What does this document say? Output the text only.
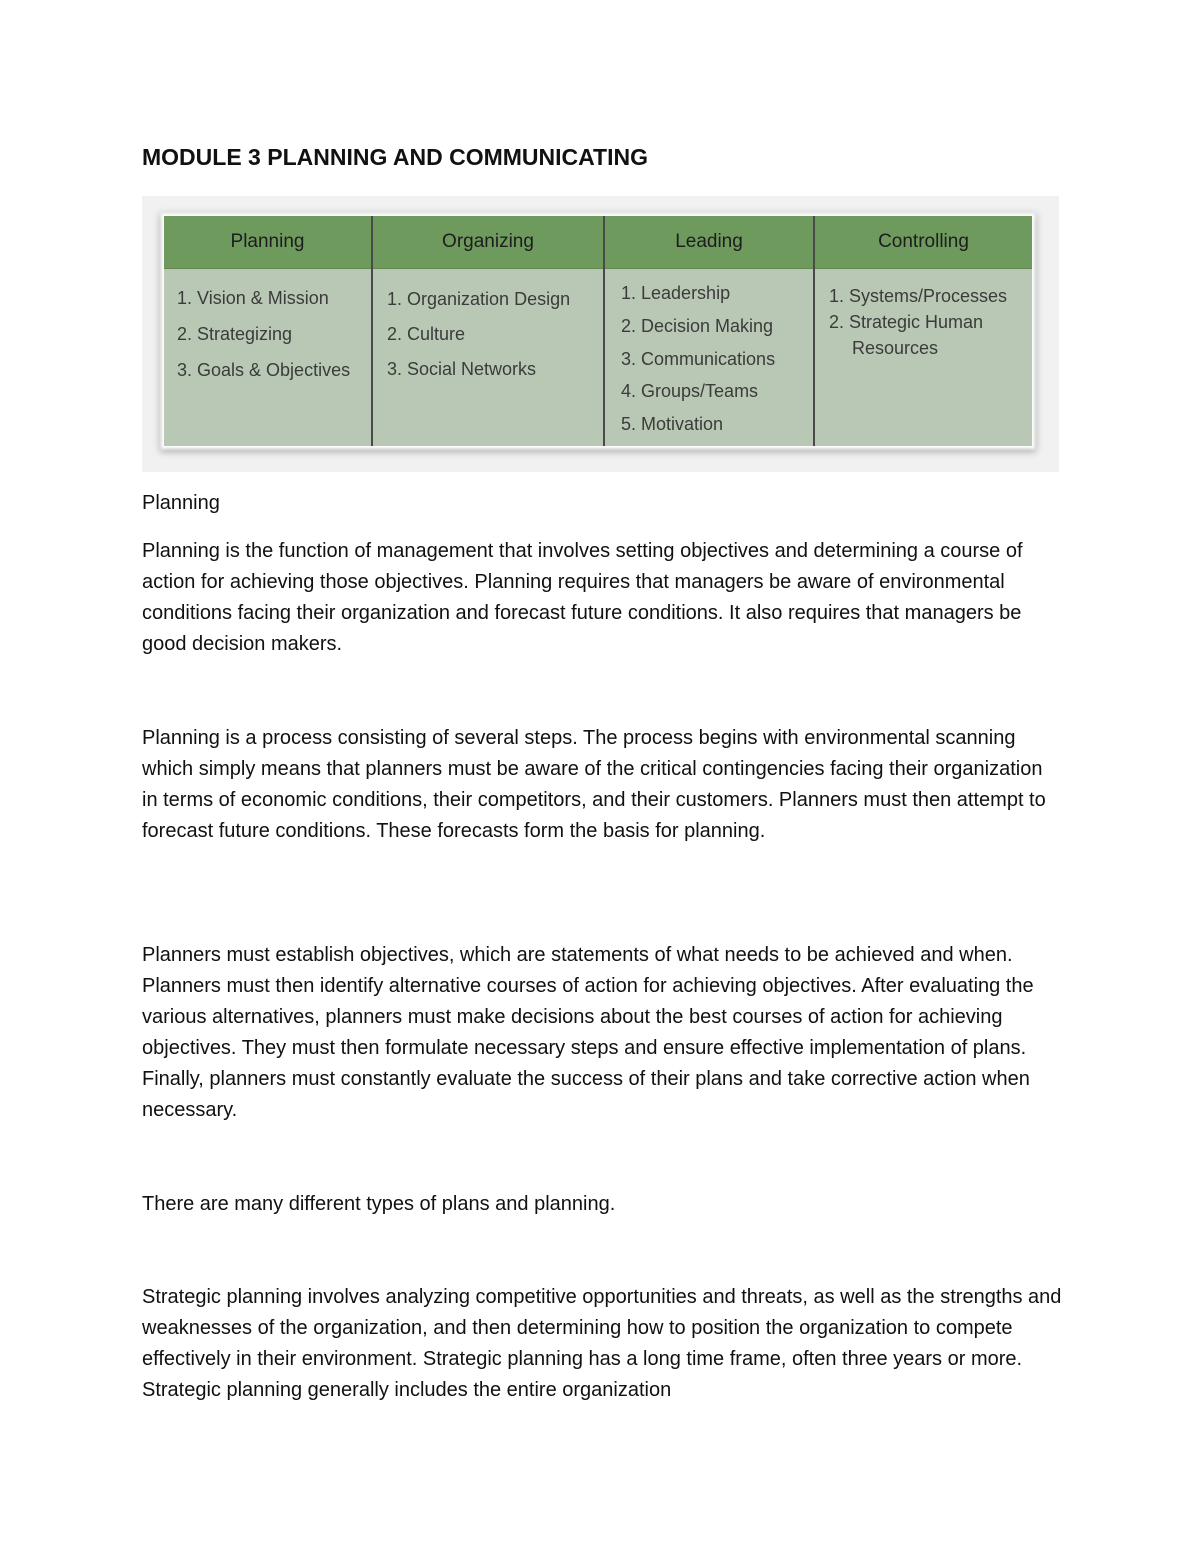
MODULE 3 PLANNING AND COMMUNICATING
Planning
1. Vision & Mission
2. Strategizing
3. Goals & Objectives
Organizing
1. Organization Design
2. Culture
3. Social Networks
Leading
1. Leadership
2. Decision Making
3. Communications
4. Groups/Teams
5. Motivation
Controlling
1. Systems/Processes
2. Strategic Human Resources
Planning

Planning is the function of management that involves setting objectives and determining a course of action for achieving those objectives. Planning requires that managers be aware of environmental conditions facing their organization and forecast future conditions. It also requires that managers be good decision makers.

Planning is a process consisting of several steps. The process begins with environmental scanning which simply means that planners must be aware of the critical contingencies facing their organization in terms of economic conditions, their competitors, and their customers. Planners must then attempt to forecast future conditions. These forecasts form the basis for planning.

Planners must establish objectives, which are statements of what needs to be achieved and when. Planners must then identify alternative courses of action for achieving objectives. After evaluating the various alternatives, planners must make decisions about the best courses of action for achieving objectives. They must then formulate necessary steps and ensure effective implementation of plans. Finally, planners must constantly evaluate the success of their plans and take corrective action when necessary.

There are many different types of plans and planning.

Strategic planning involves analyzing competitive opportunities and threats, as well as the strengths and weaknesses of the organization, and then determining how to position the organization to compete effectively in their environment. Strategic planning has a long time frame, often three years or more. Strategic planning generally includes the entire organization
